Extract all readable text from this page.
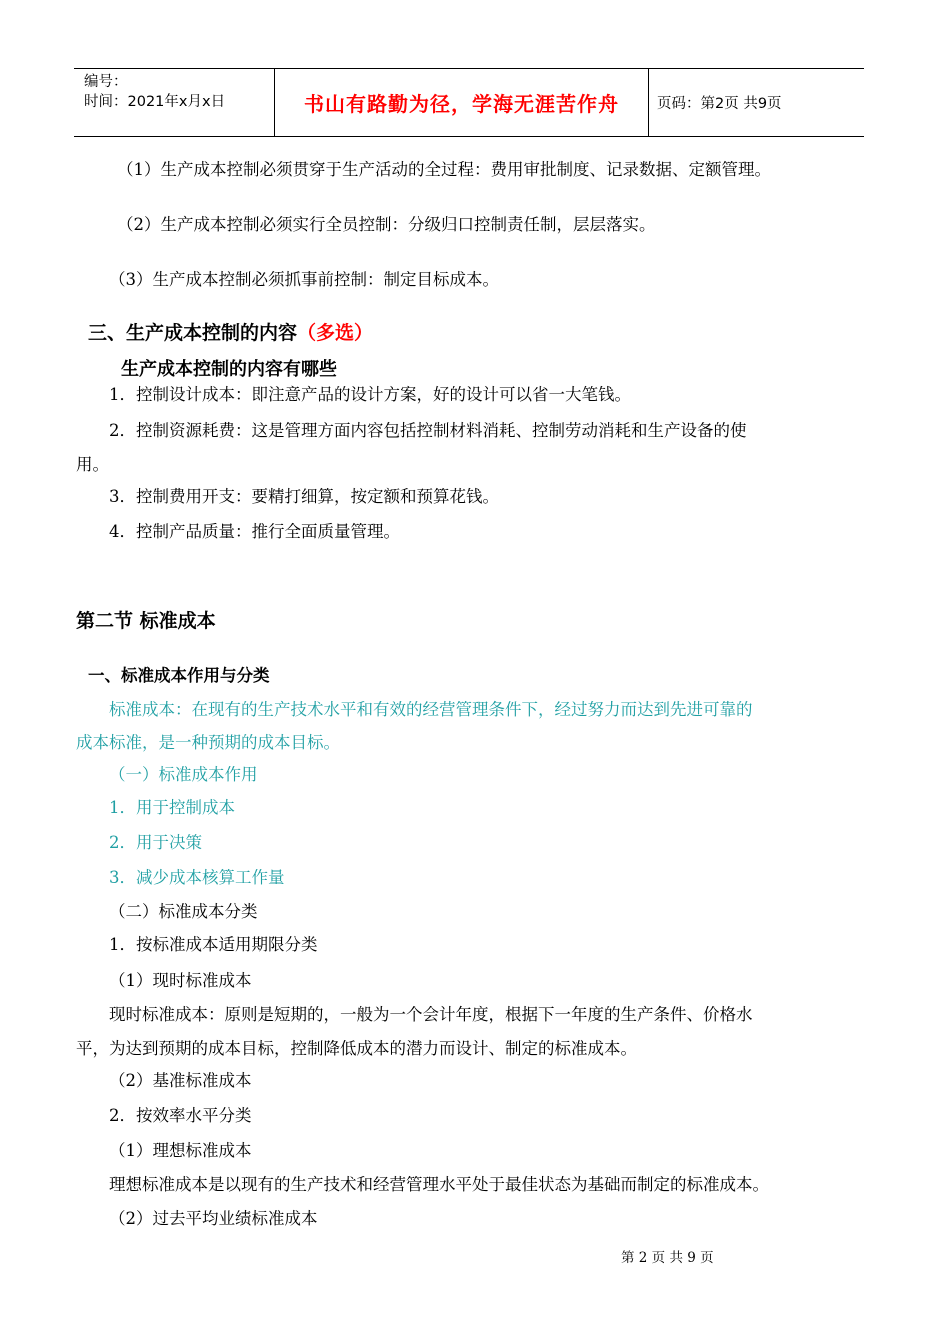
编号：
时间：2021年x月x日	书山有路勤为径，学海无涯苦作舟	页码：第2页 共9页
（1）生产成本控制必须贯穿于生产活动的全过程：费用审批制度、记录数据、定额管理。
（2）生产成本控制必须实行全员控制：分级归口控制责任制，层层落实。
（3）生产成本控制必须抓事前控制：制定目标成本。
三、生产成本控制的内容（多选）
生产成本控制的内容有哪些
1．控制设计成本：即注意产品的设计方案，好的设计可以省一大笔钱。
2．控制资源耗费：这是管理方面内容包括控制材料消耗、控制劳动消耗和生产设备的使
用。
3．控制费用开支：要精打细算，按定额和预算花钱。
4．控制产品质量：推行全面质量管理。
第二节 标准成本
一、标准成本作用与分类
标准成本：在现有的生产技术水平和有效的经营管理条件下，经过努力而达到先进可靠的
成本标准，是一种预期的成本目标。
（一）标准成本作用
1．用于控制成本
2．用于决策
3．减少成本核算工作量
（二）标准成本分类
1．按标准成本适用期限分类
（1）现时标准成本
现时标准成本：原则是短期的，一般为一个会计年度，根据下一年度的生产条件、价格水
平，为达到预期的成本目标，控制降低成本的潜力而设计、制定的标准成本。
（2）基准标准成本
2．按效率水平分类
（1）理想标准成本
理想标准成本是以现有的生产技术和经营管理水平处于最佳状态为基础而制定的标准成本。
（2）过去平均业绩标准成本
第 2 页 共 9 页
